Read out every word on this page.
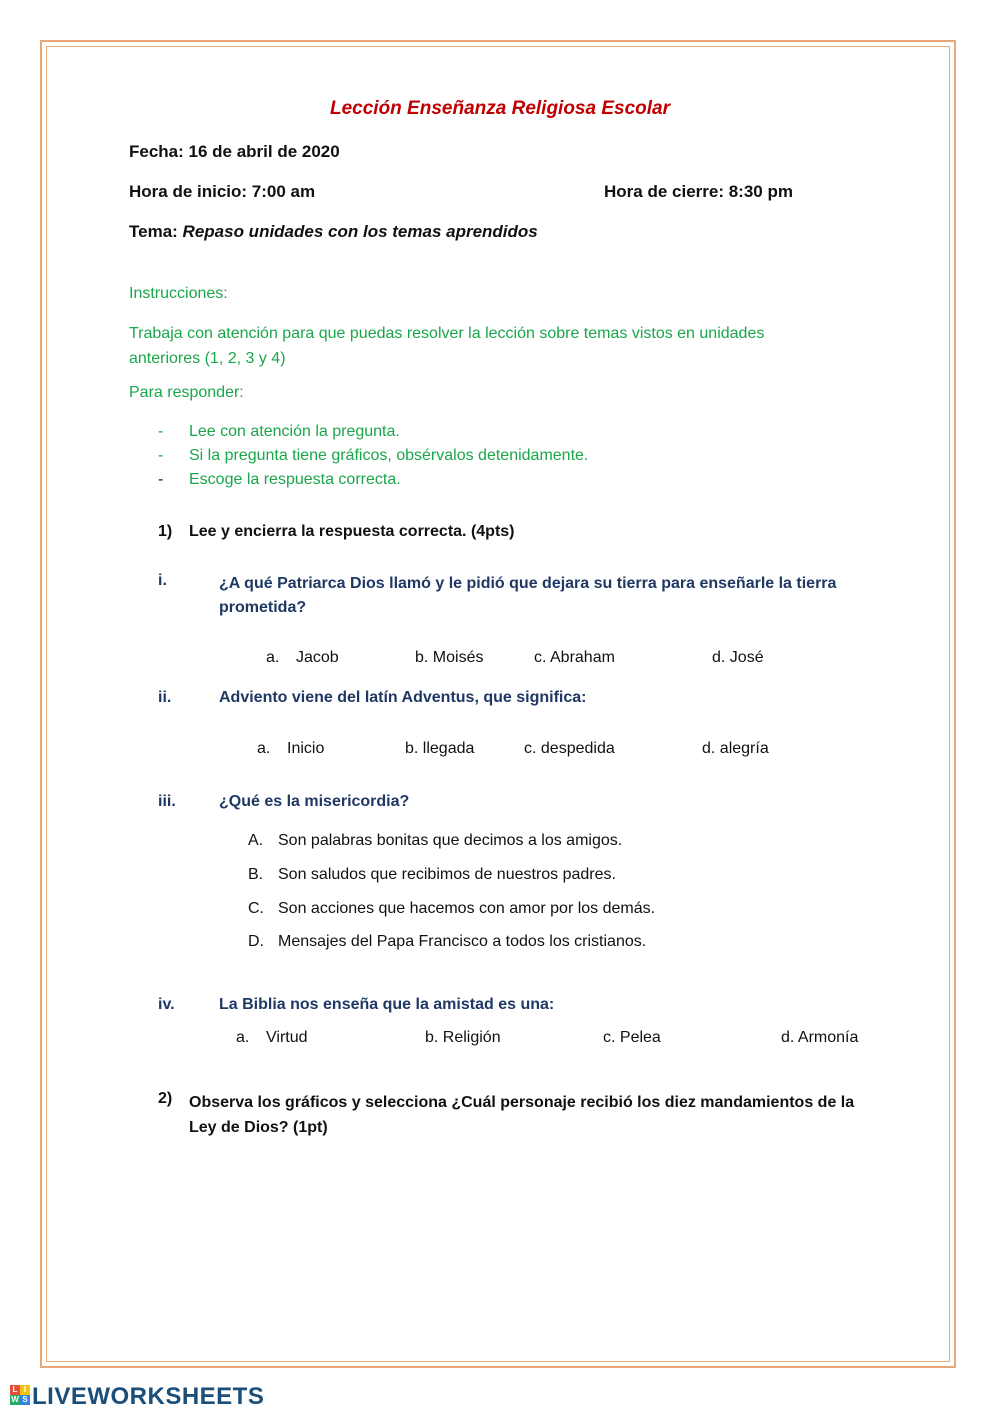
Lección Enseñanza Religiosa Escolar
Fecha: 16 de abril de 2020
Hora de inicio: 7:00 am	Hora de cierre: 8:30 pm
Tema: Repaso unidades con los temas aprendidos
Instrucciones:
Trabaja con atención para que puedas resolver la lección sobre temas vistos en unidades anteriores (1, 2, 3 y 4)
Para responder:
- Lee con atención la pregunta.
- Si la pregunta tiene gráficos, obsérvalos detenidamente.
- Escoge la respuesta correcta.
1) Lee y encierra la respuesta correcta. (4pts)
i.	¿A qué Patriarca Dios llamó y le pidió que dejara su tierra para enseñarle la tierra prometida?
a. Jacob	b. Moisés	c. Abraham	d. José
ii.	Adviento viene del latín Adventus, que significa:
a. Inicio	b. llegada	c. despedida	d. alegría
iii.	¿Qué es la misericordia?
A. Son palabras bonitas que decimos a los amigos.
B. Son saludos que recibimos de nuestros padres.
C. Son acciones que hacemos con amor por los demás.
D. Mensajes del Papa Francisco a todos los cristianos.
iv.	La Biblia nos enseña que la amistad es una:
a. Virtud	b. Religión	c. Pelea	d. Armonía
2) Observa los gráficos y selecciona ¿Cuál personaje recibió los diez mandamientos de la Ley de Dios? (1pt)
L I
W S LIVEWORKSHEETS
